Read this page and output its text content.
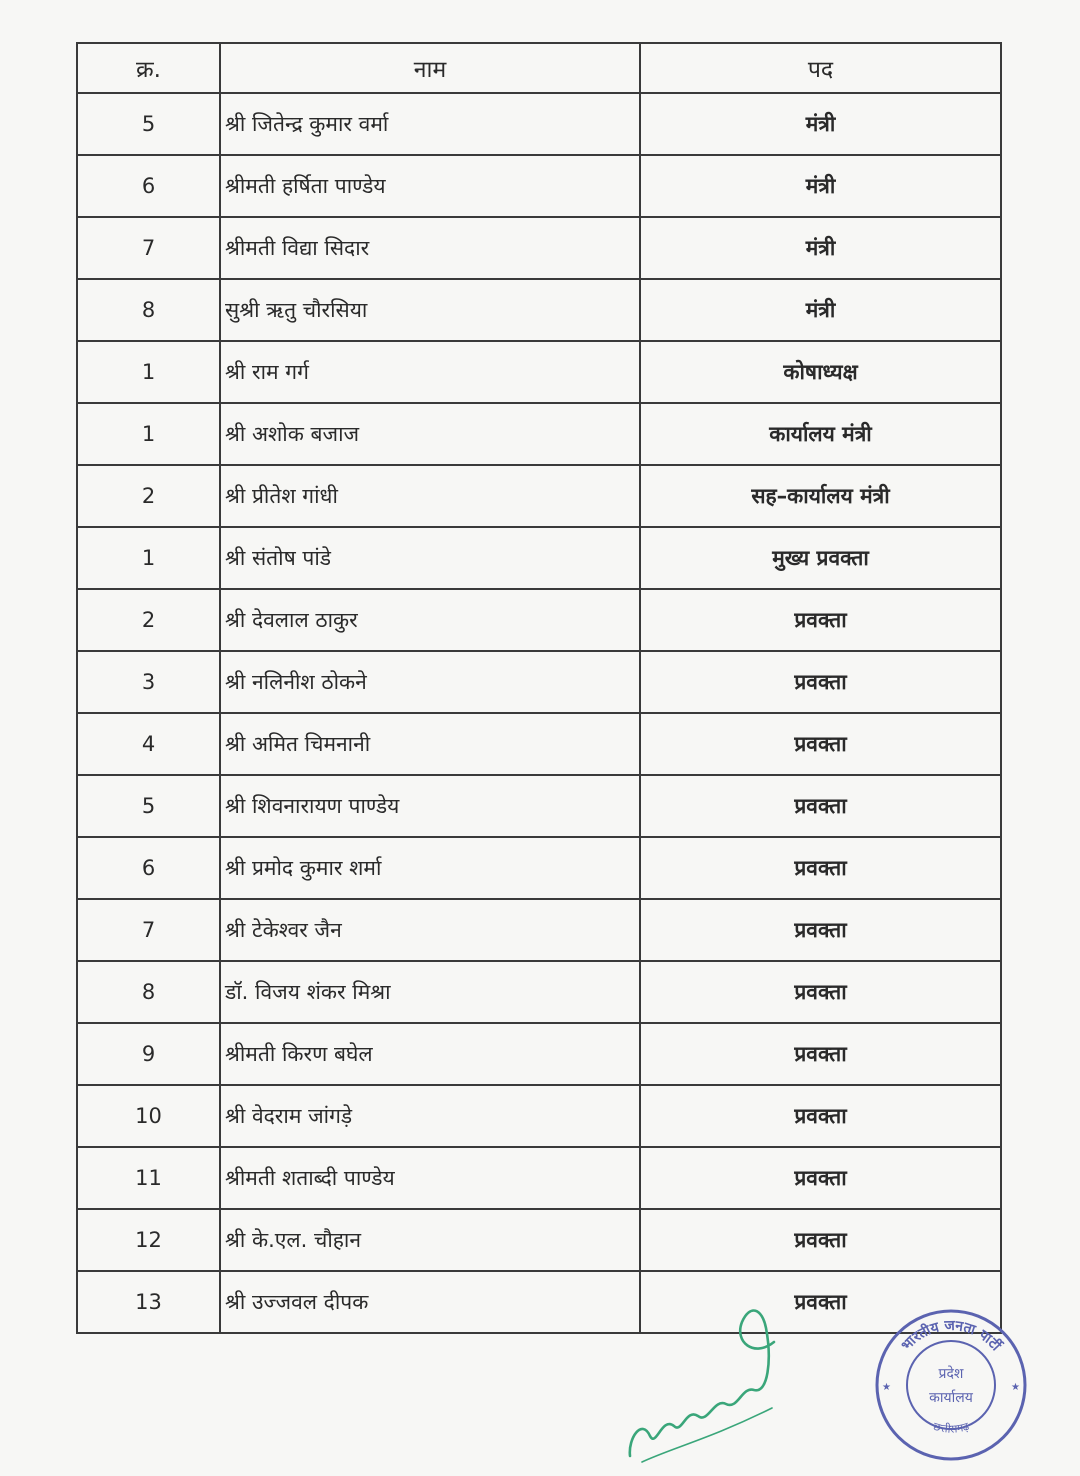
क्र.	नाम	पद
5	श्री जितेन्द्र कुमार वर्मा	मंत्री
6	श्रीमती हर्षिता पाण्डेय	मंत्री
7	श्रीमती विद्या सिदार	मंत्री
8	सुश्री ऋतु चौरसिया	मंत्री
1	श्री राम गर्ग	कोषाध्यक्ष
1	श्री अशोक बजाज	कार्यालय मंत्री
2	श्री प्रीतेश गांधी	सह–कार्यालय मंत्री
1	श्री संतोष पांडे	मुख्य प्रवक्ता
2	श्री देवलाल ठाकुर	प्रवक्ता
3	श्री नलिनीश ठोकने	प्रवक्ता
4	श्री अमित चिमनानी	प्रवक्ता
5	श्री शिवनारायण पाण्डेय	प्रवक्ता
6	श्री प्रमोद कुमार शर्मा	प्रवक्ता
7	श्री टेकेश्वर जैन	प्रवक्ता
8	डॉ. विजय शंकर मिश्रा	प्रवक्ता
9	श्रीमती किरण बघेल	प्रवक्ता
10	श्री वेदराम जांगड़े	प्रवक्ता
11	श्रीमती शताब्दी पाण्डेय	प्रवक्ता
12	श्री के.एल. चौहान	प्रवक्ता
13	श्री उज्जवल दीपक	प्रवक्ता
भारतीय जनता पार्टी
प्रदेश
कार्यालय
छत्तीसगढ़
★	★
